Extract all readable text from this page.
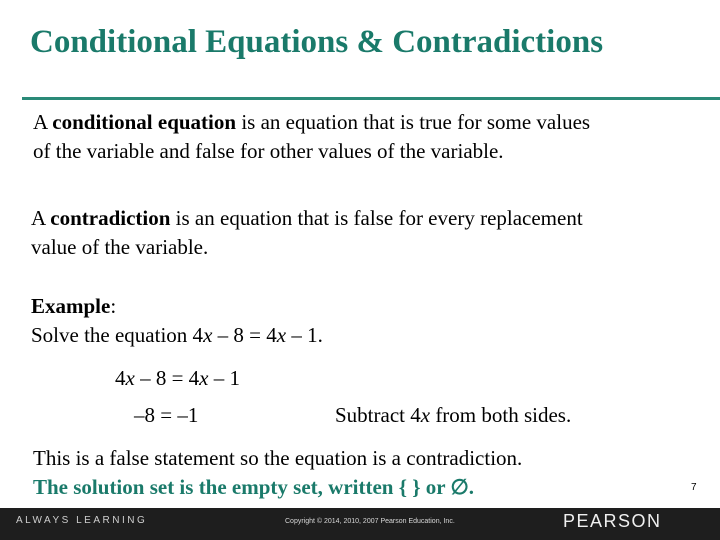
Conditional Equations & Contradictions
A conditional equation is an equation that is true for some values
of the variable and false for other values of the variable.
A contradiction is an equation that is false for every replacement
value of the variable.
Example:
Solve the equation 4x – 8 = 4x – 1.
4x – 8 = 4x – 1
–8 = –1	Subtract 4x from both sides.
This is a false statement so the equation is a contradiction.
The solution set is the empty set, written { } or ∅.	7
ALWAYS LEARNING	Copyright © 2014, 2010, 2007 Pearson Education, Inc.	PEARSON
